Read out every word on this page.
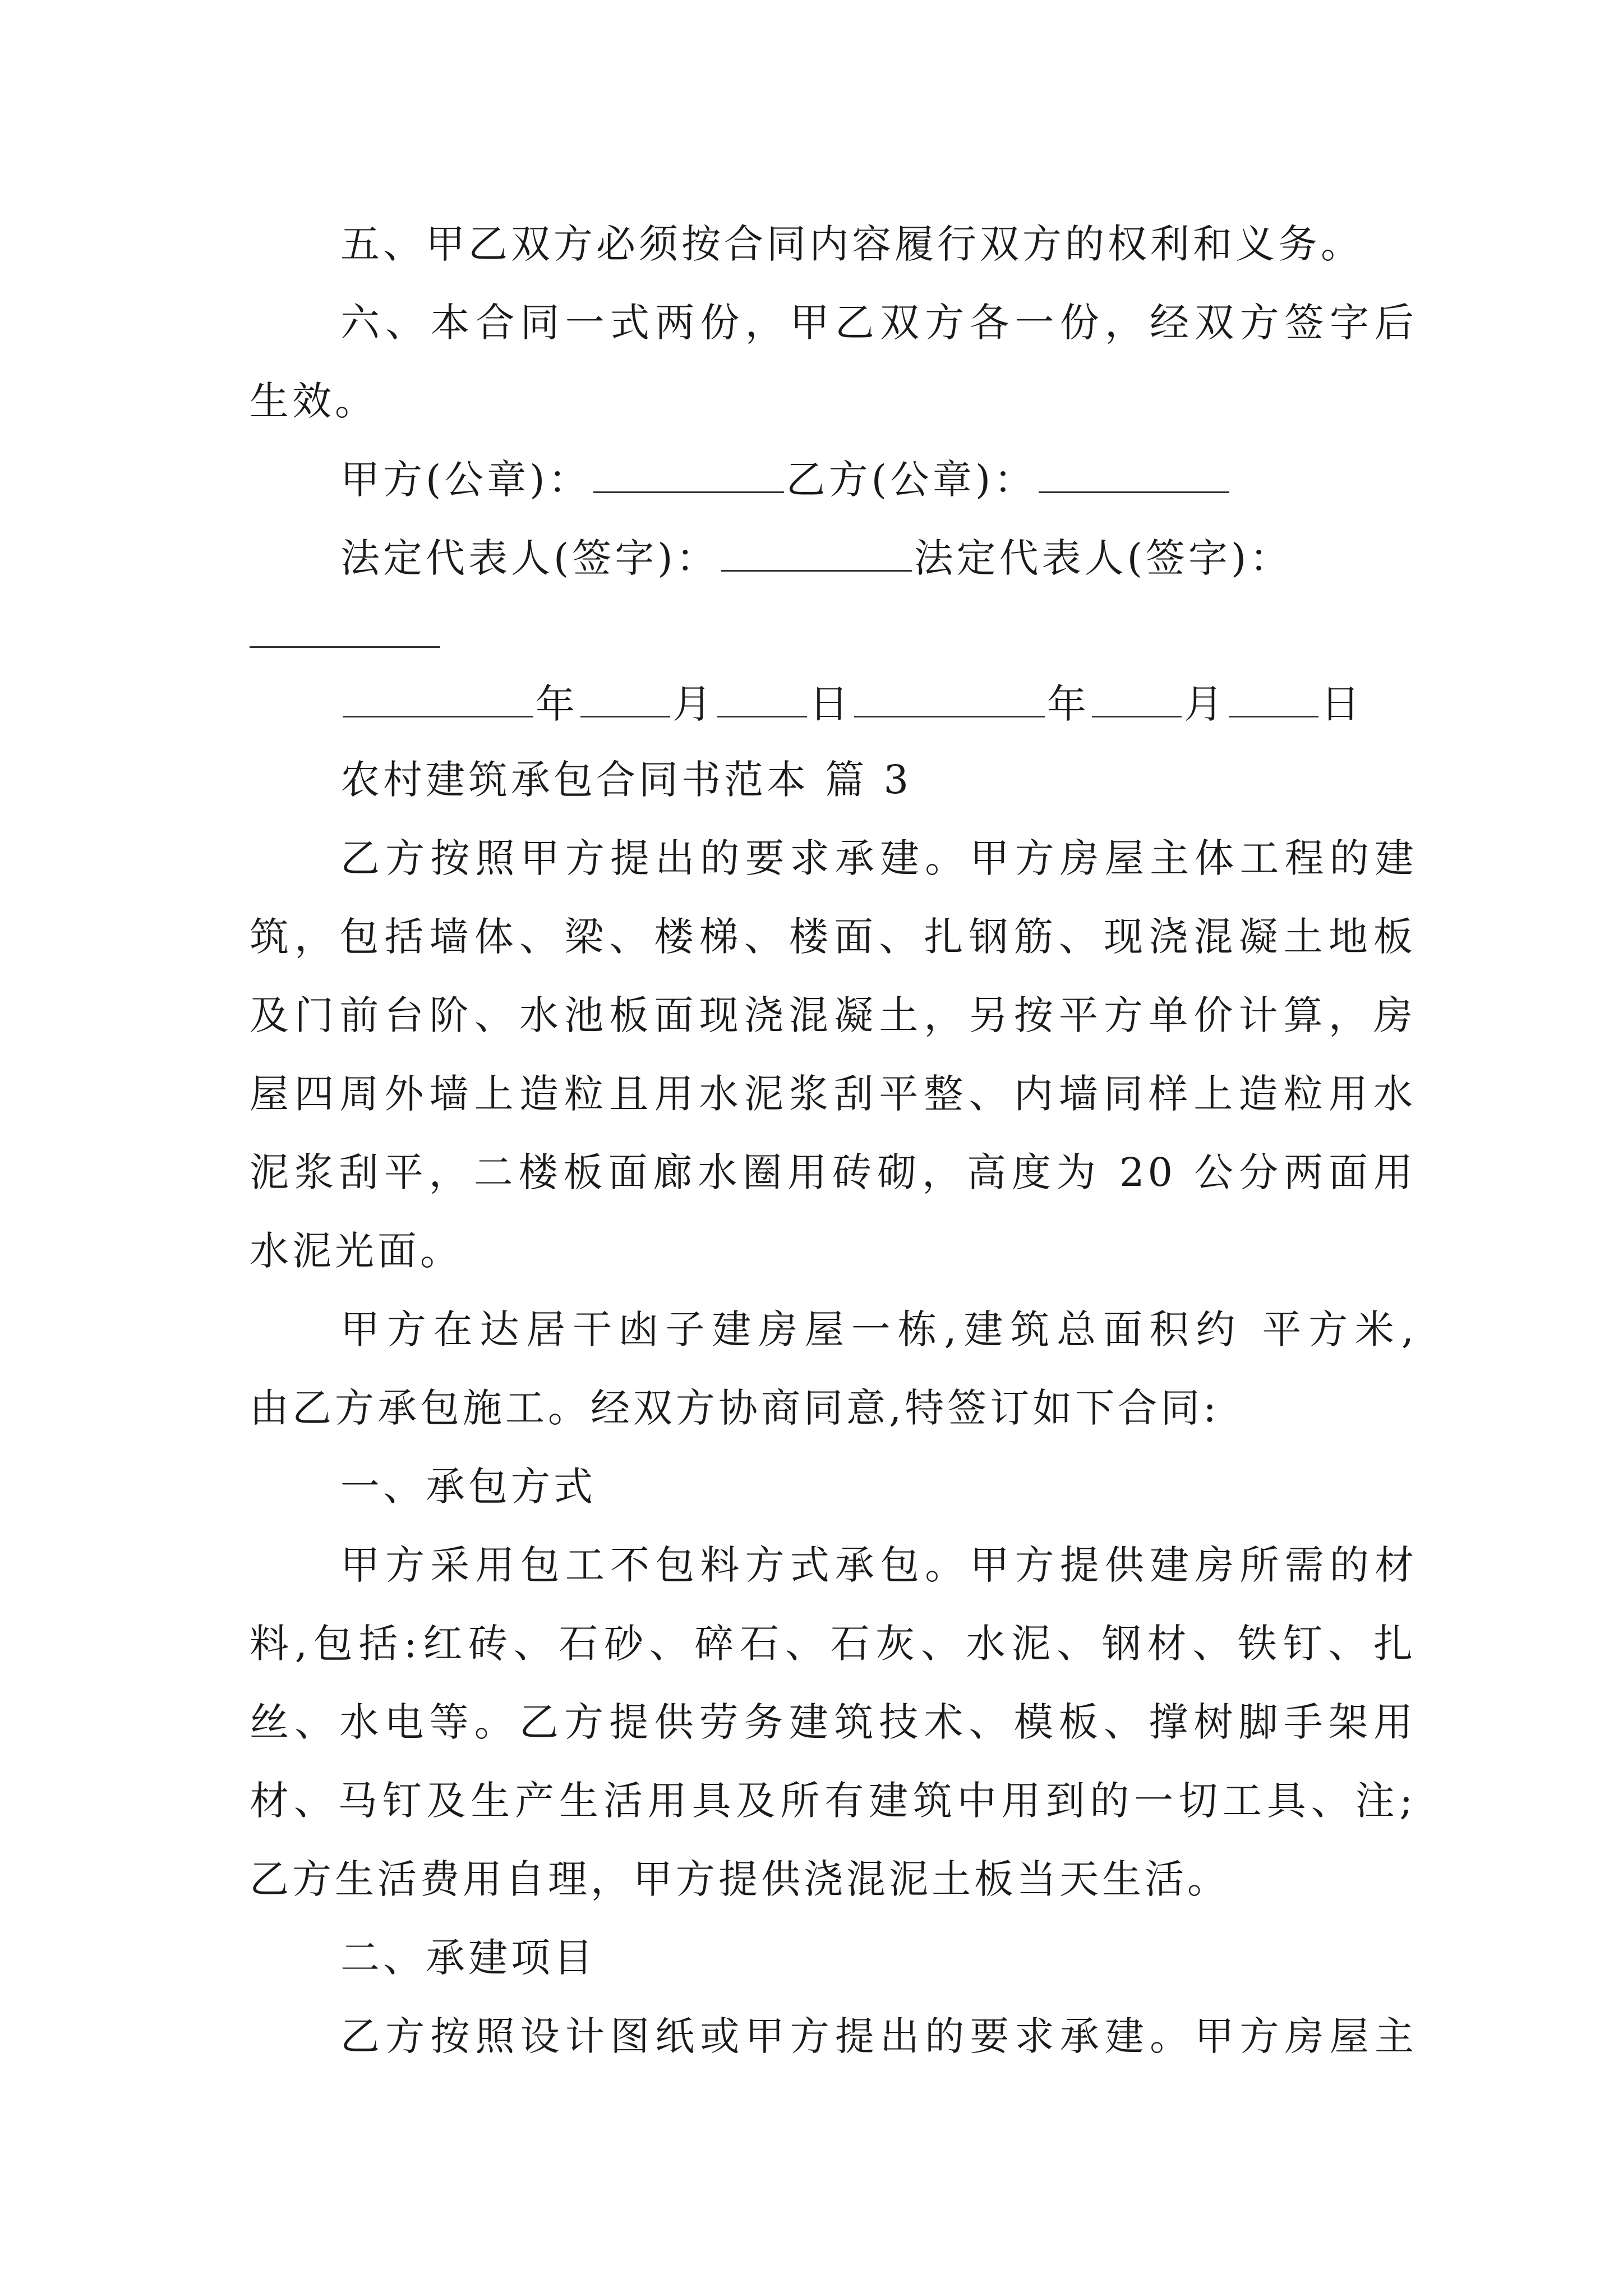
五、甲乙双方必须按合同内容履行双方的权利和义务。
六、本合同一式两份，甲乙双方各一份，经双方签字后
生效。
甲方(公章)：	乙方(公章)：
法定代表人(签字)：	法定代表人(签字)：
年 月 日	年 月 日
农村建筑承包合同书范本 篇 3
乙方按照甲方提出的要求承建。甲方房屋主体工程的建
筑，包括墙体、梁、楼梯、楼面、扎钢筋、现浇混凝土地板
及门前台阶、水池板面现浇混凝土，另按平方单价计算，房
屋四周外墙上造粒且用水泥浆刮平整、内墙同样上造粒用水
泥浆刮平，二楼板面廊水圈用砖砌，高度为 20 公分两面用
水泥光面。
甲方在达居干凼子建房屋一栋,建筑总面积约 平方米,
由乙方承包施工。经双方协商同意,特签订如下合同:
一、承包方式
甲方采用包工不包料方式承包。甲方提供建房所需的材
料,包括:红砖、石砂、碎石、石灰、水泥、钢材、铁钉、扎
丝、水电等。乙方提供劳务建筑技术、模板、撑树脚手架用
材、马钉及生产生活用具及所有建筑中用到的一切工具、注;
乙方生活费用自理，甲方提供浇混泥土板当天生活。
二、承建项目
乙方按照设计图纸或甲方提出的要求承建。甲方房屋主
